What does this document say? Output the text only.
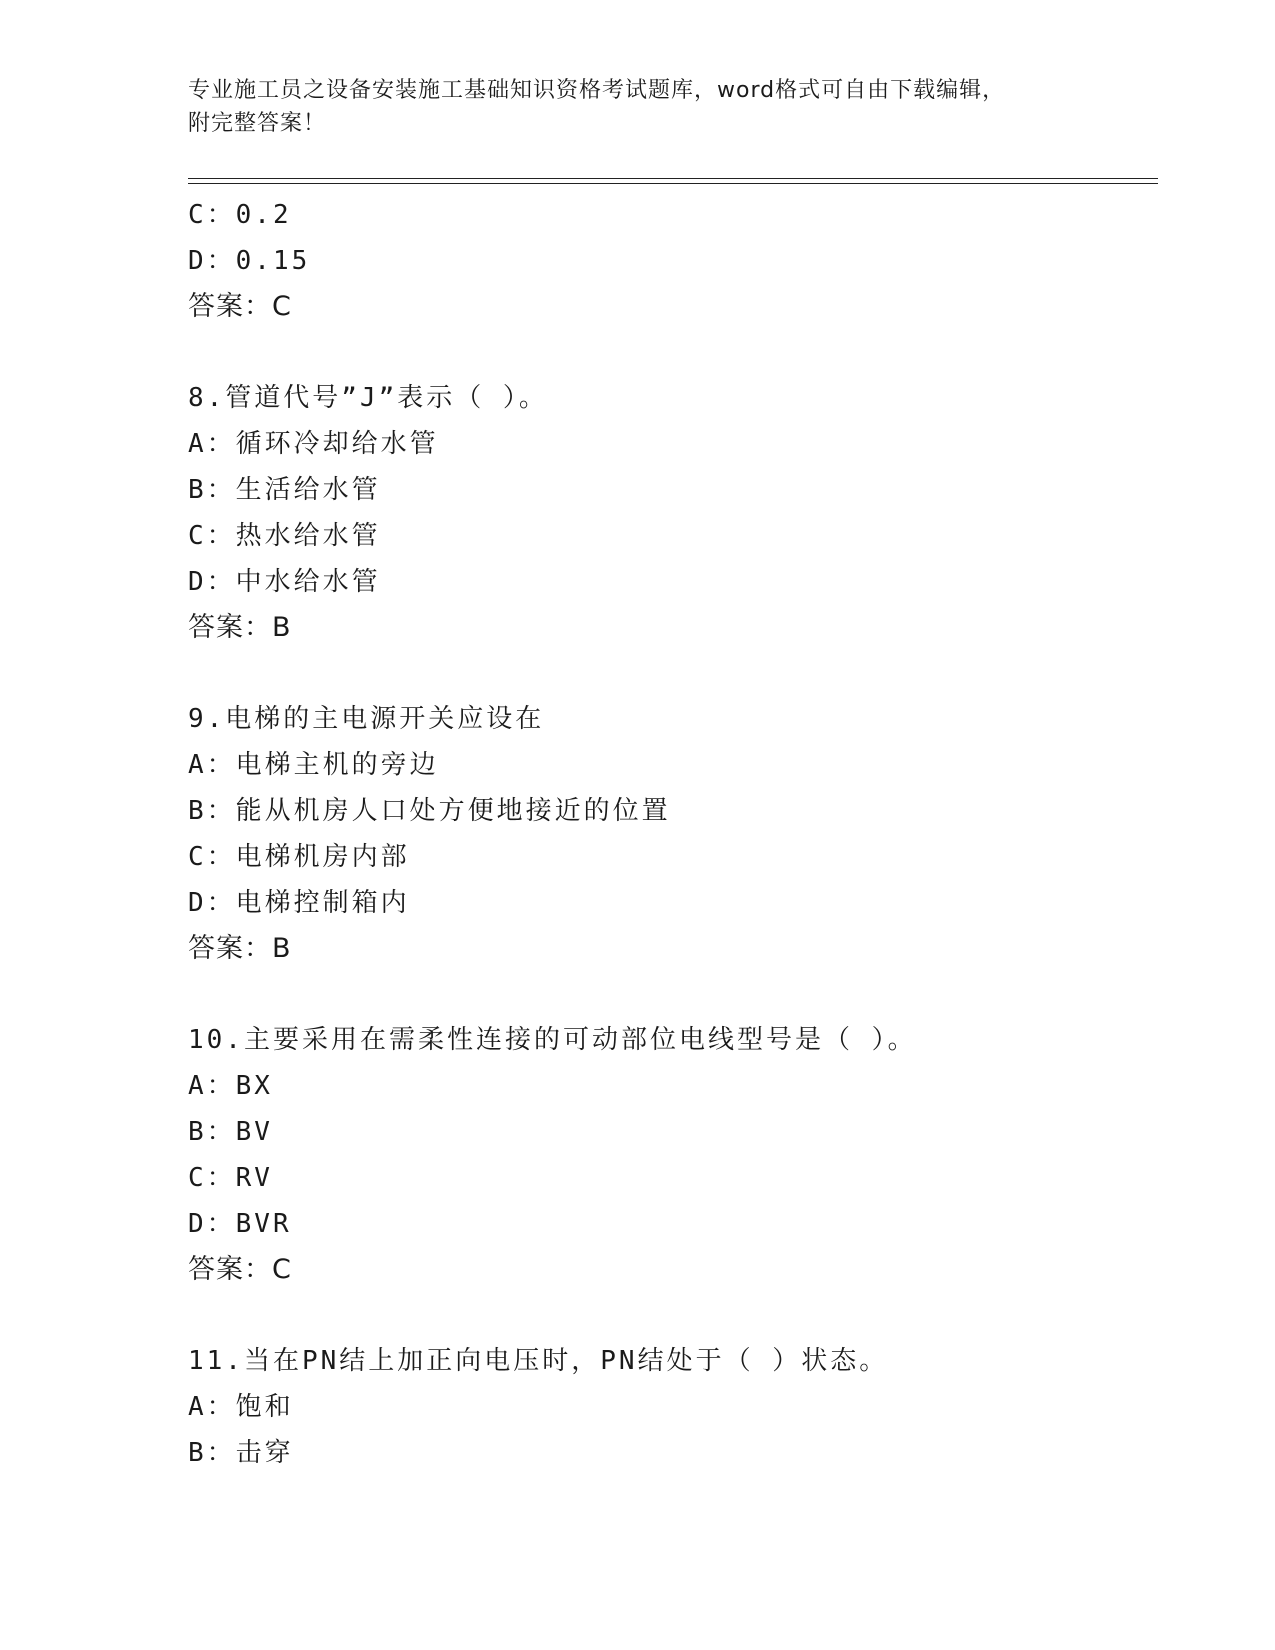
专业施工员之设备安装施工基础知识资格考试题库，word格式可自由下载编辑，
附完整答案！
C：0.2
D：0.15
答案：C
8.管道代号”J”表示（ ）。
A：循环冷却给水管
B：生活给水管
C：热水给水管
D：中水给水管
答案：B
9.电梯的主电源开关应设在
A：电梯主机的旁边
B：能从机房人口处方便地接近的位置
C：电梯机房内部
D：电梯控制箱内
答案：B
10.主要采用在需柔性连接的可动部位电线型号是（ ）。
A：BX
B：BV
C：RV
D：BVR
答案：C
11.当在PN结上加正向电压时，PN结处于（ ）状态。
A：饱和
B：击穿
